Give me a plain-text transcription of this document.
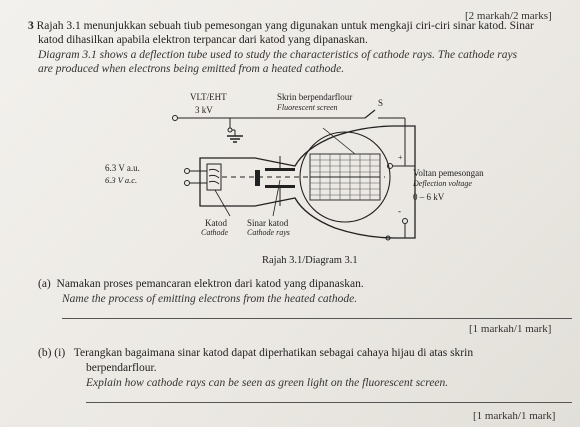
[2 markah/2 marks]
3 Rajah 3.1 menunjukkan sebuah tiub pemesongan yang digunakan untuk mengkaji ciri-ciri sinar katod. Sinar
katod dihasilkan apabila elektron terpancar dari katod yang dipanaskan.
Diagram 3.1 shows a deflection tube used to study the characteristics of cathode rays. The cathode rays
are produced when electrons being emitted from a heated cathode.
VLT/EHT
3 kV
Skrin berpendarflour
Fluorescent screen	S
6.3 V a.u.
6.3 V a.c.
Katod
Cathode
Sinar katod
Cathode rays
+
-
Voltan pemesongan
Deflection voltage
0 – 6 kV
Rajah 3.1/Diagram 3.1
(a) Namakan proses pemancaran elektron dari katod yang dipanaskan.
Name the process of emitting electrons from the heated cathode.
[1 markah/1 mark]
(b) (i) Terangkan bagaimana sinar katod dapat diperhatikan sebagai cahaya hijau di atas skrin
berpendarflour.
Explain how cathode rays can be seen as green light on the fluorescent screen.
[1 markah/1 mark]
